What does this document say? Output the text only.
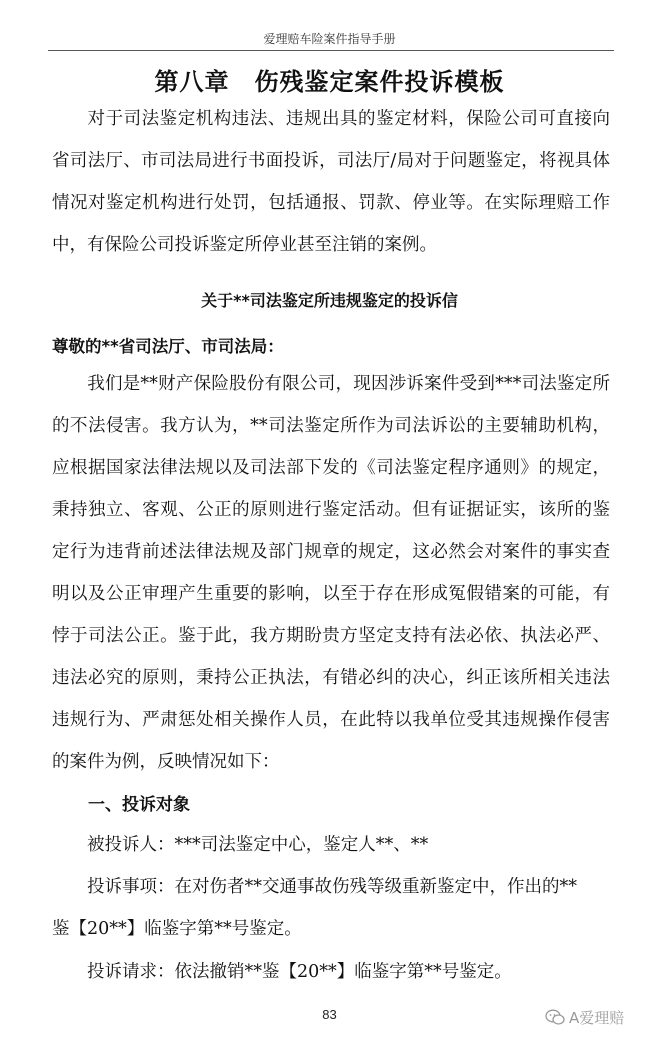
爱理赔车险案件指导手册
第八章　伤残鉴定案件投诉模板
对于司法鉴定机构违法、违规出具的鉴定材料，保险公司可直接向省司法厅、市司法局进行书面投诉，司法厅/局对于问题鉴定，将视具体情况对鉴定机构进行处罚，包括通报、罚款、停业等。在实际理赔工作中，有保险公司投诉鉴定所停业甚至注销的案例。
关于**司法鉴定所违规鉴定的投诉信
尊敬的**省司法厅、市司法局：
我们是**财产保险股份有限公司，现因涉诉案件受到***司法鉴定所的不法侵害。我方认为，**司法鉴定所作为司法诉讼的主要辅助机构，应根据国家法律法规以及司法部下发的《司法鉴定程序通则》的规定，秉持独立、客观、公正的原则进行鉴定活动。但有证据证实，该所的鉴定行为违背前述法律法规及部门规章的规定，这必然会对案件的事实查明以及公正审理产生重要的影响，以至于存在形成冤假错案的可能，有悖于司法公正。鉴于此，我方期盼贵方坚定支持有法必依、执法必严、违法必究的原则，秉持公正执法，有错必纠的决心，纠正该所相关违法违规行为、严肃惩处相关操作人员，在此特以我单位受其违规操作侵害的案件为例，反映情况如下：
一、投诉对象
被投诉人：***司法鉴定中心，鉴定人**、**
投诉事项：在对伤者**交通事故伤残等级重新鉴定中，作出的**
鉴【20**】临鉴字第**号鉴定。
投诉请求：依法撤销**鉴【20**】临鉴字第**号鉴定。
83	A爱理赔
